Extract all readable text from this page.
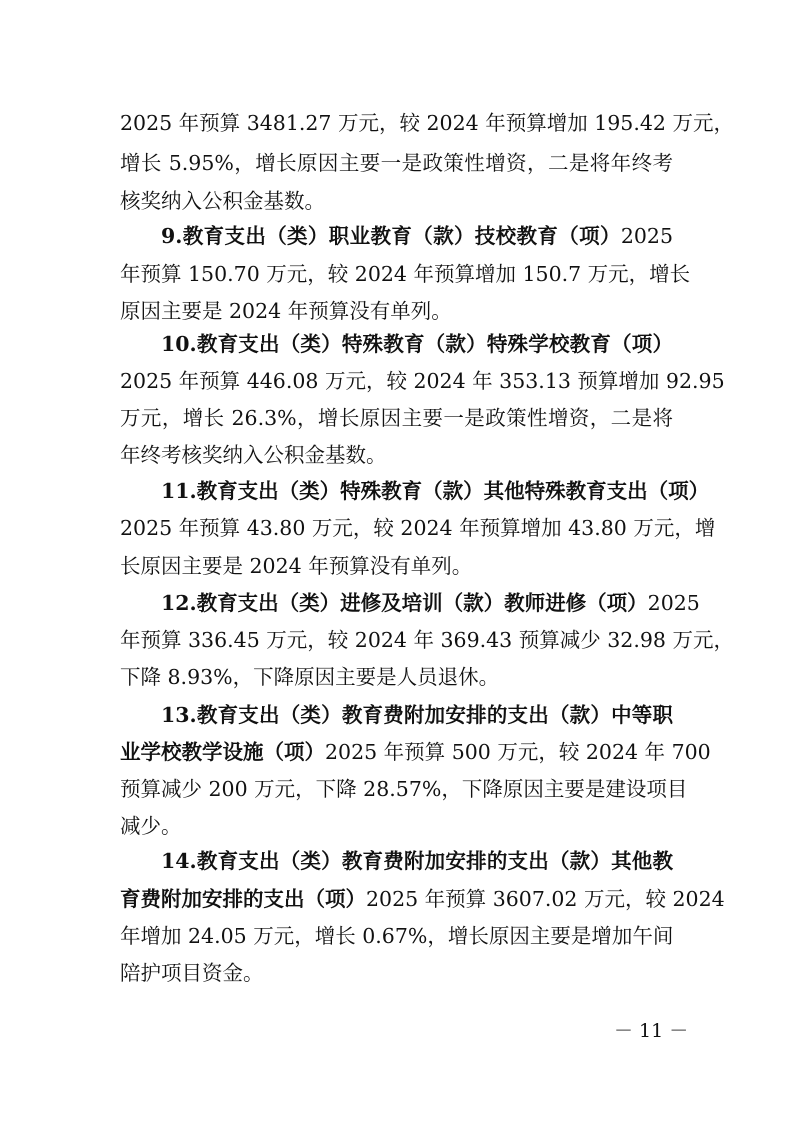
2025 年预算 3481.27 万元，较 2024 年预算增加 195.42 万元，
增长 5.95%，增长原因主要一是政策性增资，二是将年终考
核奖纳入公积金基数。
9.教育支出（类）职业教育（款）技校教育（项）2025
年预算 150.70 万元，较 2024 年预算增加 150.7 万元，增长
原因主要是 2024 年预算没有单列。
10.教育支出（类）特殊教育（款）特殊学校教育（项）
2025 年预算 446.08 万元，较 2024 年 353.13 预算增加 92.95
万元，增长 26.3%，增长原因主要一是政策性增资，二是将
年终考核奖纳入公积金基数。
11.教育支出（类）特殊教育（款）其他特殊教育支出（项）
2025 年预算 43.80 万元，较 2024 年预算增加 43.80 万元，增
长原因主要是 2024 年预算没有单列。
12.教育支出（类）进修及培训（款）教师进修（项）2025
年预算 336.45 万元，较 2024 年 369.43 预算减少 32.98 万元，
下降 8.93%，下降原因主要是人员退休。
13.教育支出（类）教育费附加安排的支出（款）中等职
业学校教学设施（项）2025 年预算 500 万元，较 2024 年 700
预算减少 200 万元，下降 28.57%，下降原因主要是建设项目
减少。
14.教育支出（类）教育费附加安排的支出（款）其他教
育费附加安排的支出（项）2025 年预算 3607.02 万元，较 2024
年增加 24.05 万元，增长 0.67%，增长原因主要是增加午间
陪护项目资金。
－ 11 －
